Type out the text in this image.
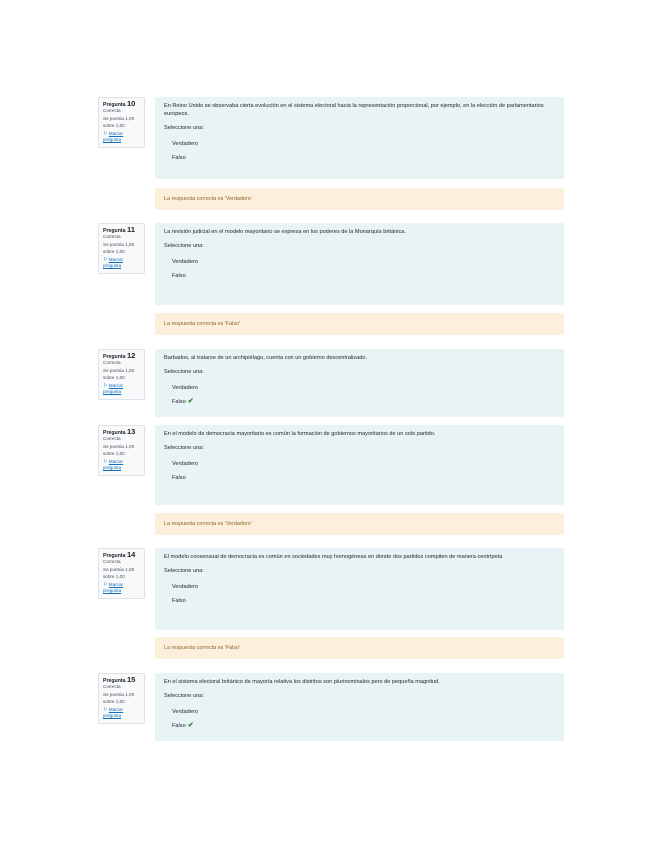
Pregunta 10
Correcta
Se puntúa 1,00
sobre 1,00
⚐ Marcar
pregunta
En Reino Unido se observaba cierta evolución en el sistema electoral hacia la representación proporcional, por ejemplo, en la elección de parlamentarios europeos.
Seleccione una:
Verdadero
Falso
La respuesta correcta es 'Verdadero'
Pregunta 11
Correcta
Se puntúa 1,00
sobre 1,00
⚐ Marcar
pregunta
La revisión judicial en el modelo mayoritario se expresa en los poderes de la Monarquía británica.
Seleccione una:
Verdadero
Falso
La respuesta correcta es 'Falso'
Pregunta 12
Correcta
Se puntúa 1,00
sobre 1,00
⚐ Marcar
pregunta
Barbados, al tratarse de un archipiélago, cuenta con un gobierno descentralizado.
Seleccione una:
Verdadero
Falso ✔
Pregunta 13
Correcta
Se puntúa 1,00
sobre 1,00
⚐ Marcar
pregunta
En el modelo de democracia mayoritario es común la formación de gobiernos mayoritarios de un solo partido.
Seleccione una:
Verdadero
Falso
La respuesta correcta es 'Verdadero'
Pregunta 14
Correcta
Se puntúa 1,00
sobre 1,00
⚐ Marcar
pregunta
El modelo consensual de democracia es común en sociedades muy homogéneas en donde dos partidos compiten de manera centrípeta
Seleccione una:
Verdadero
Falso
La respuesta correcta es 'Falso'
Pregunta 15
Correcta
Se puntúa 1,00
sobre 1,00
⚐ Marcar
pregunta
En el sistema electoral británico de mayoría relativa los distritos son plurinominales pero de pequeña magnitud.
Seleccione una:
Verdadero
Falso ✔
